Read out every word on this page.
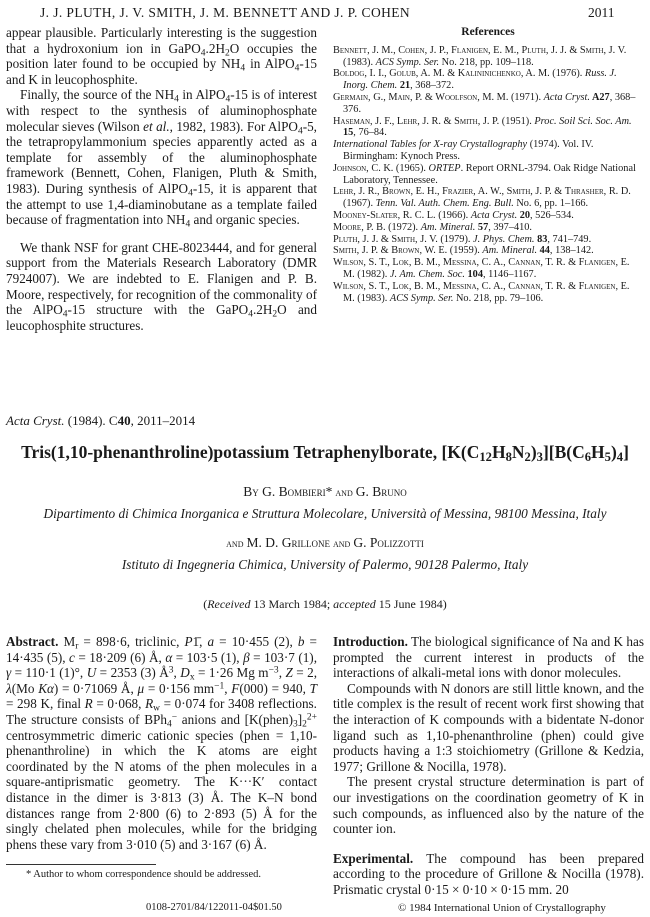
J. J. PLUTH, J. V. SMITH, J. M. BENNETT AND J. P. COHEN	2011

appear plausible. Particularly interesting is the suggestion that a hydroxonium ion in $GaPO_4.2H_2O$ occupies the position later found to be occupied by $NH_4$ in AlPO$_4$-15 and K in leucophosphite.

Finally, the source of the $NH_4$ in AlPO$_4$-15 is of interest with respect to the synthesis of aluminophosphate molecular sieves (Wilson et al., 1982, 1983). For AlPO$_4$-5, the tetrapropylammonium species apparently acted as a template for assembly of the aluminophosphate framework (Bennett, Cohen, Flanigen, Pluth & Smith, 1983). During synthesis of AlPO$_4$-15, it is apparent that the attempt to use 1,4-diaminobutane as a template failed because of fragmentation into $NH_4$ and organic species.

We thank NSF for grant CHE-8023444, and for general support from the Materials Research Laboratory (DMR 7924007). We are indebted to E. Flanigen and P. B. Moore, respectively, for recognition of the commonality of the AlPO$_4$-15 structure with the $GaPO_4.2H_2O$ and leucophosphite structures.

References

Bennett, J. M., Cohen, J. P., Flanigen, E. M., Pluth, J. J. & Smith, J. V. (1983). ACS Symp. Ser. No. 218, pp. 109–118.

Boldog, I. I., Golub, A. M. & Kalininichenko, A. M. (1976). Russ. J. Inorg. Chem. 21, 368–372.

Germain, G., Main, P. & Woolfson, M. M. (1971). Acta Cryst. A27, 368–376.

Haseman, J. F., Lehr, J. R. & Smith, J. P. (1951). Proc. Soil Sci. Soc. Am. 15, 76–84.

International Tables for X-ray Crystallography (1974). Vol. IV. Birmingham: Kynoch Press.

Johnson, C. K. (1965). ORTEP. Report ORNL-3794. Oak Ridge National Laboratory, Tennessee.

Lehr, J. R., Brown, E. H., Frazier, A. W., Smith, J. P. & Thrasher, R. D. (1967). Tenn. Val. Auth. Chem. Eng. Bull. No. 6, pp. 1–166.

Mooney-Slater, R. C. L. (1966). Acta Cryst. 20, 526–534.

Moore, P. B. (1972). Am. Mineral. 57, 397–410.

Pluth, J. J. & Smith, J. V. (1979). J. Phys. Chem. 83, 741–749.

Smith, J. P. & Brown, W. E. (1959). Am. Mineral. 44, 138–142.

Wilson, S. T., Lok, B. M., Messina, C. A., Cannan, T. R. & Flanigen, E. M. (1982). J. Am. Chem. Soc. 104, 1146–1167.

Wilson, S. T., Lok, B. M., Messina, C. A., Cannan, T. R. & Flanigen, E. M. (1983). ACS Symp. Ser. No. 218, pp. 79–106.

Acta Cryst. (1984). C40, 2011–2014
Tris(1,10-phenanthroline)potassium Tetraphenylborate, $[K(C_{12}H_8N_2)_3][B(C_6H_5)_4]$
By G. Bombieri* and G. Bruno
Dipartimento di Chimica Inorganica e Struttura Molecolare, Università of Messina, 98100 Messina, Italy
and M. D. Grillone and G. Polizzotti
Istituto di Ingegneria Chimica, University of Palermo, 90128 Palermo, Italy
(Received 13 March 1984; accepted 15 June 1984)

Abstract. $M_r = 898\cdot 6$, triclinic, P1̄, a = 10·455 (2), b = 14·435 (5), c = 18·209 (6) Å, α = 103·5 (1), β = 103·7 (1), γ = 110·1 (1)°, U = 2353 (3) $Å^3$, $D_x = 1\cdot 26$ Mg $m^{-3}$, Z = 2, λ(Mo Kα) = 0·71069 Å, μ = 0·156 $mm^{-1}$, F(000) = 940, T = 298 K, final R = 0·068, $R_w = 0\cdot 074$ for 3408 reflections. The structure consists of BPh$_4$− anions and $[K(phen)_3]_2^{2+}$ centrosymmetric dimeric cationic species (phen = 1,10-phenanthroline) in which the K atoms are eight coordinated by the N atoms of the phen molecules in a square-antiprismatic geometry. The K···K′ contact distance in the dimer is 3·813 (3) Å. The K–N bond distances range from 2·800 (6) to 2·893 (5) Å for the singly chelated phen molecules, while for the bridging phens these vary from 3·010 (5) and 3·167 (6) Å.

* Author to whom correspondence should be addressed.

Introduction. The biological significance of Na and K has prompted the current interest in products of the interactions of alkali-metal ions with donor molecules.

Compounds with N donors are still little known, and the title complex is the result of recent work first showing that the interaction of K compounds with a bidentate N-donor ligand such as 1,10-phenanthroline (phen) could give products having a 1:3 stoichiometry (Grillone & Kedzia, 1977; Grillone & Nocilla, 1978).

The present crystal structure determination is part of our investigations on the coordination geometry of K in such compounds, as influenced also by the nature of the counter ion.

Experimental. The compound has been prepared according to the procedure of Grillone & Nocilla (1978). Prismatic crystal 0·15 × 0·10 × 0·15 mm. 20

0108-2701/84/122011-04$01.50	© 1984 International Union of Crystallography
